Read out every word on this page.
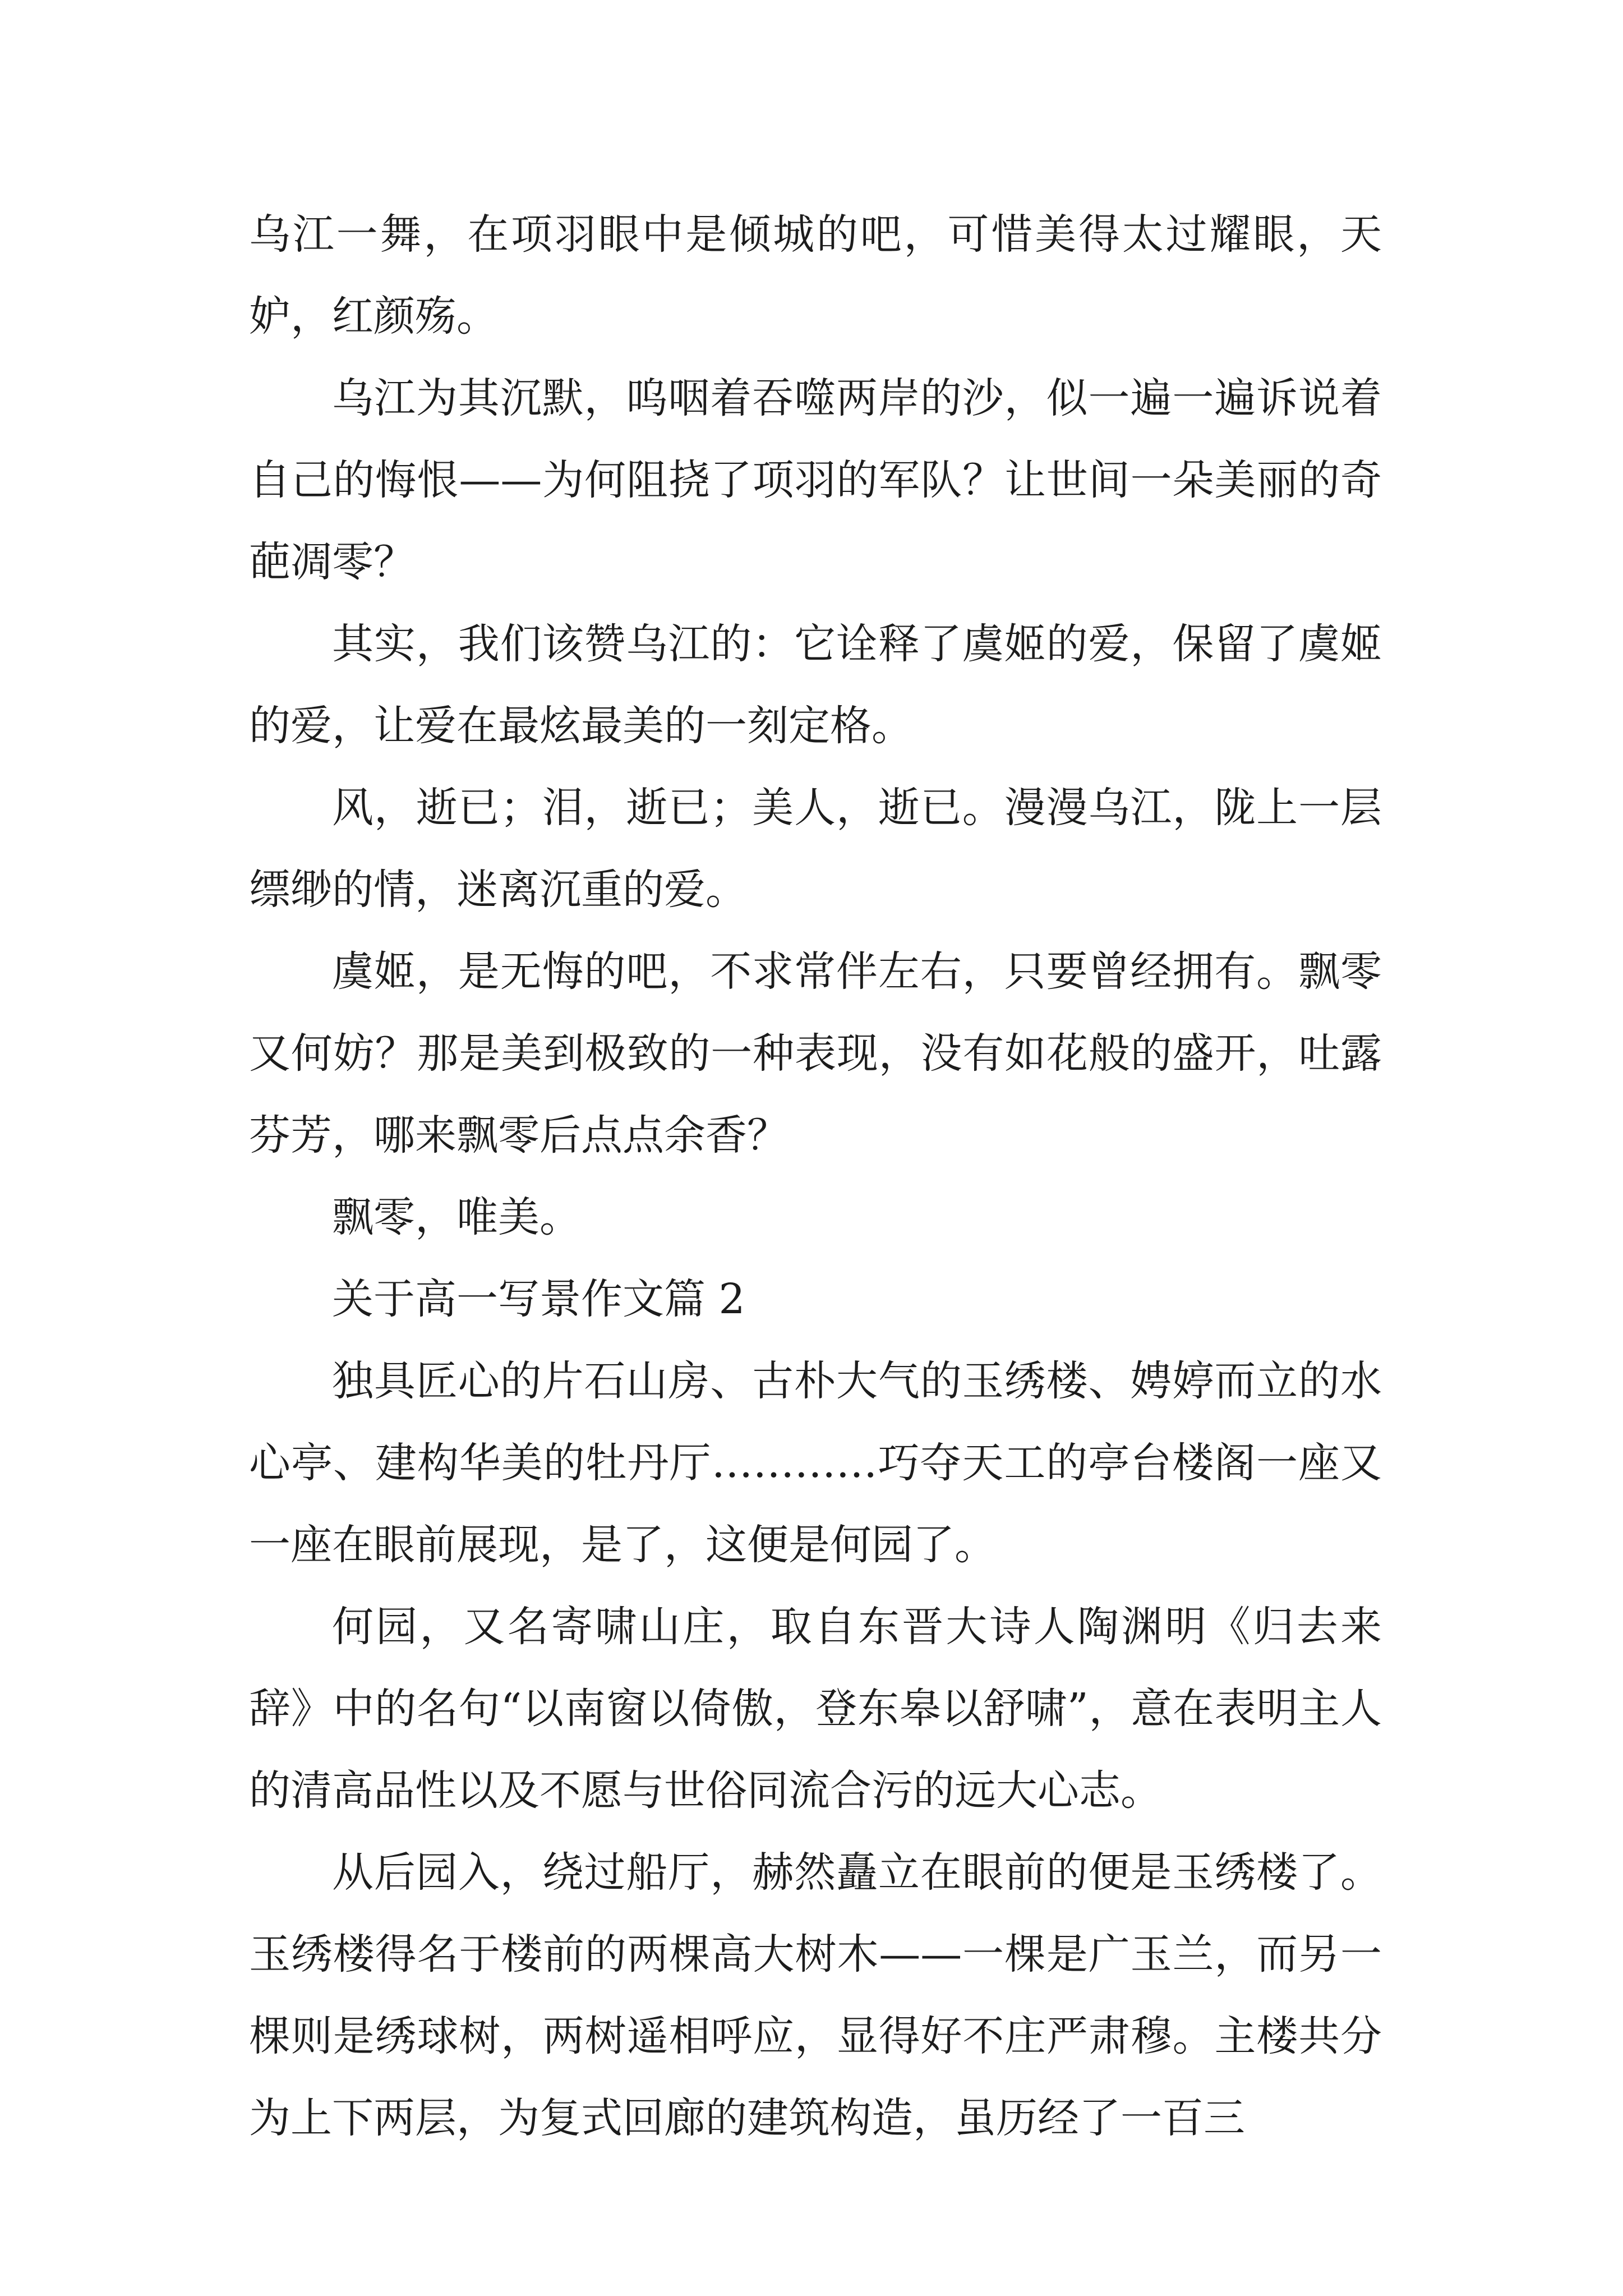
乌江一舞，在项羽眼中是倾城的吧，可惜美得太过耀眼，天妒，红颜殇。

乌江为其沉默，呜咽着吞噬两岸的沙，似一遍一遍诉说着自己的悔恨——为何阻挠了项羽的军队？让世间一朵美丽的奇葩凋零？

其实，我们该赞乌江的：它诠释了虞姬的爱，保留了虞姬的爱，让爱在最炫最美的一刻定格。

风，逝已；泪，逝已；美人，逝已。漫漫乌江，陇上一层缥缈的情，迷离沉重的爱。

虞姬，是无悔的吧，不求常伴左右，只要曾经拥有。飘零又何妨？那是美到极致的一种表现，没有如花般的盛开，吐露芬芳，哪来飘零后点点余香？

飘零，唯美。

关于高一写景作文篇 2

独具匠心的片石山房、古朴大气的玉绣楼、娉婷而立的水心亭、建构华美的牡丹厅…………巧夺天工的亭台楼阁一座又一座在眼前展现，是了，这便是何园了。

何园，又名寄啸山庄，取自东晋大诗人陶渊明《归去来辞》中的名句“以南窗以倚傲，登东皋以舒啸”，意在表明主人的清高品性以及不愿与世俗同流合污的远大心志。

从后园入，绕过船厅，赫然矗立在眼前的便是玉绣楼了。玉绣楼得名于楼前的两棵高大树木——一棵是广玉兰，而另一棵则是绣球树，两树遥相呼应，显得好不庄严肃穆。主楼共分为上下两层，为复式回廊的建筑构造，虽历经了一百三
